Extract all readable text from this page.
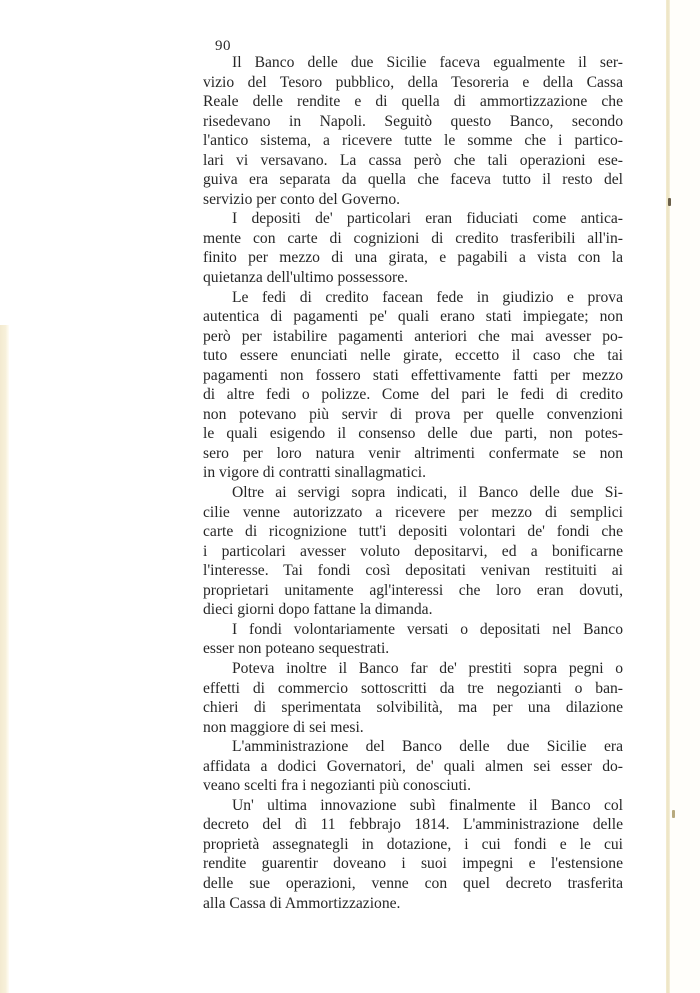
90
Il Banco delle due Sicilie faceva egualmente il ser-
vizio del Tesoro pubblico, della Tesoreria e della Cassa
Reale delle rendite e di quella di ammortizzazione che
risedevano in Napoli. Seguitò questo Banco, secondo
l'antico sistema, a ricevere tutte le somme che i partico-
lari vi versavano. La cassa però che tali operazioni ese-
guiva era separata da quella che faceva tutto il resto del
servizio per conto del Governo.
I depositi de' particolari eran fiduciati come antica-
mente con carte di cognizioni di credito trasferibili all'in-
finito per mezzo di una girata, e pagabili a vista con la
quietanza dell'ultimo possessore.
Le fedi di credito facean fede in giudizio e prova
autentica di pagamenti pe' quali erano stati impiegate; non
però per istabilire pagamenti anteriori che mai avesser po-
tuto essere enunciati nelle girate, eccetto il caso che tai
pagamenti non fossero stati effettivamente fatti per mezzo
di altre fedi o polizze. Come del pari le fedi di credito
non potevano più servir di prova per quelle convenzioni
le quali esigendo il consenso delle due parti, non potes-
sero per loro natura venir altrimenti confermate se non
in vigore di contratti sinallagmatici.
Oltre ai servigi sopra indicati, il Banco delle due Si-
cilie venne autorizzato a ricevere per mezzo di semplici
carte di ricognizione tutt'i depositi volontari de' fondi che
i particolari avesser voluto depositarvi, ed a bonificarne
l'interesse. Tai fondi così depositati venivan restituiti ai
proprietari unitamente agl'interessi che loro eran dovuti,
dieci giorni dopo fattane la dimanda.
I fondi volontariamente versati o depositati nel Banco
esser non poteano sequestrati.
Poteva inoltre il Banco far de' prestiti sopra pegni o
effetti di commercio sottoscritti da tre negozianti o ban-
chieri di sperimentata solvibilità, ma per una dilazione
non maggiore di sei mesi.
L'amministrazione del Banco delle due Sicilie era
affidata a dodici Governatori, de' quali almen sei esser do-
veano scelti fra i negozianti più conosciuti.
Un' ultima innovazione subì finalmente il Banco col
decreto del dì 11 febbrajo 1814. L'amministrazione delle
proprietà assegnategli in dotazione, i cui fondi e le cui
rendite guarentir doveano i suoi impegni e l'estensione
delle sue operazioni, venne con quel decreto trasferita
alla Cassa di Ammortizzazione.
